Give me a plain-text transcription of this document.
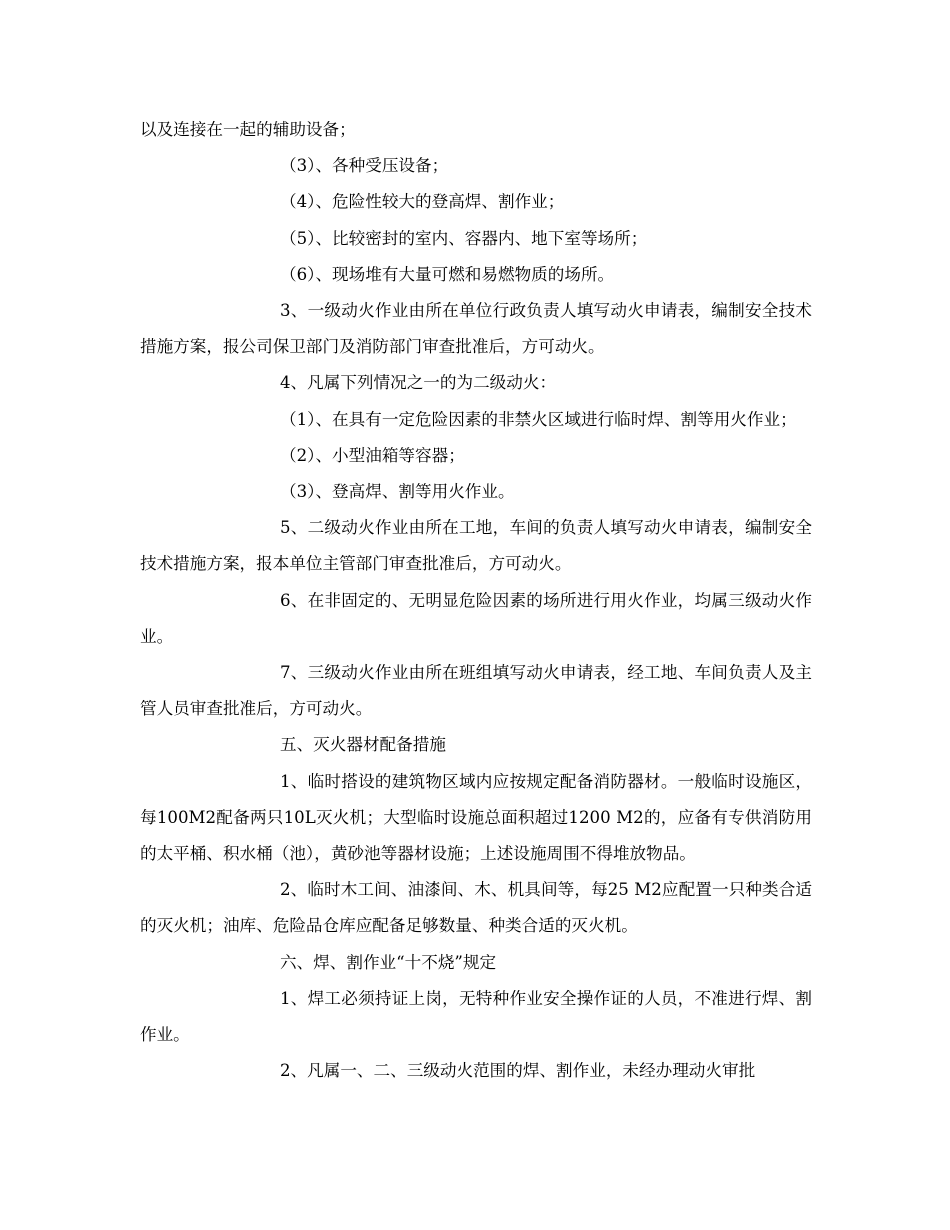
以及连接在一起的辅助设备；

（3）、各种受压设备；

（4）、危险性较大的登高焊、割作业；

（5）、比较密封的室内、容器内、地下室等场所；

（6）、现场堆有大量可燃和易燃物质的场所。

3、一级动火作业由所在单位行政负责人填写动火申请表，编制安全技术措施方案，报公司保卫部门及消防部门审查批准后，方可动火。

4、凡属下列情况之一的为二级动火：

（1）、在具有一定危险因素的非禁火区域进行临时焊、割等用火作业；

（2）、小型油箱等容器；

（3）、登高焊、割等用火作业。

5、二级动火作业由所在工地，车间的负责人填写动火申请表，编制安全技术措施方案，报本单位主管部门审查批准后，方可动火。

6、在非固定的、无明显危险因素的场所进行用火作业，均属三级动火作业。

7、三级动火作业由所在班组填写动火申请表，经工地、车间负责人及主管人员审查批准后，方可动火。

五、灭火器材配备措施

1、临时搭设的建筑物区域内应按规定配备消防器材。一般临时设施区，每100M2配备两只10L灭火机；大型临时设施总面积超过1200 M2的，应备有专供消防用的太平桶、积水桶（池），黄砂池等器材设施；上述设施周围不得堆放物品。

2、临时木工间、油漆间、木、机具间等，每25 M2应配置一只种类合适的灭火机；油库、危险品仓库应配备足够数量、种类合适的灭火机。

六、焊、割作业“十不烧”规定

1、焊工必须持证上岗，无特种作业安全操作证的人员，不准进行焊、割作业。

2、凡属一、二、三级动火范围的焊、割作业，未经办理动火审批
